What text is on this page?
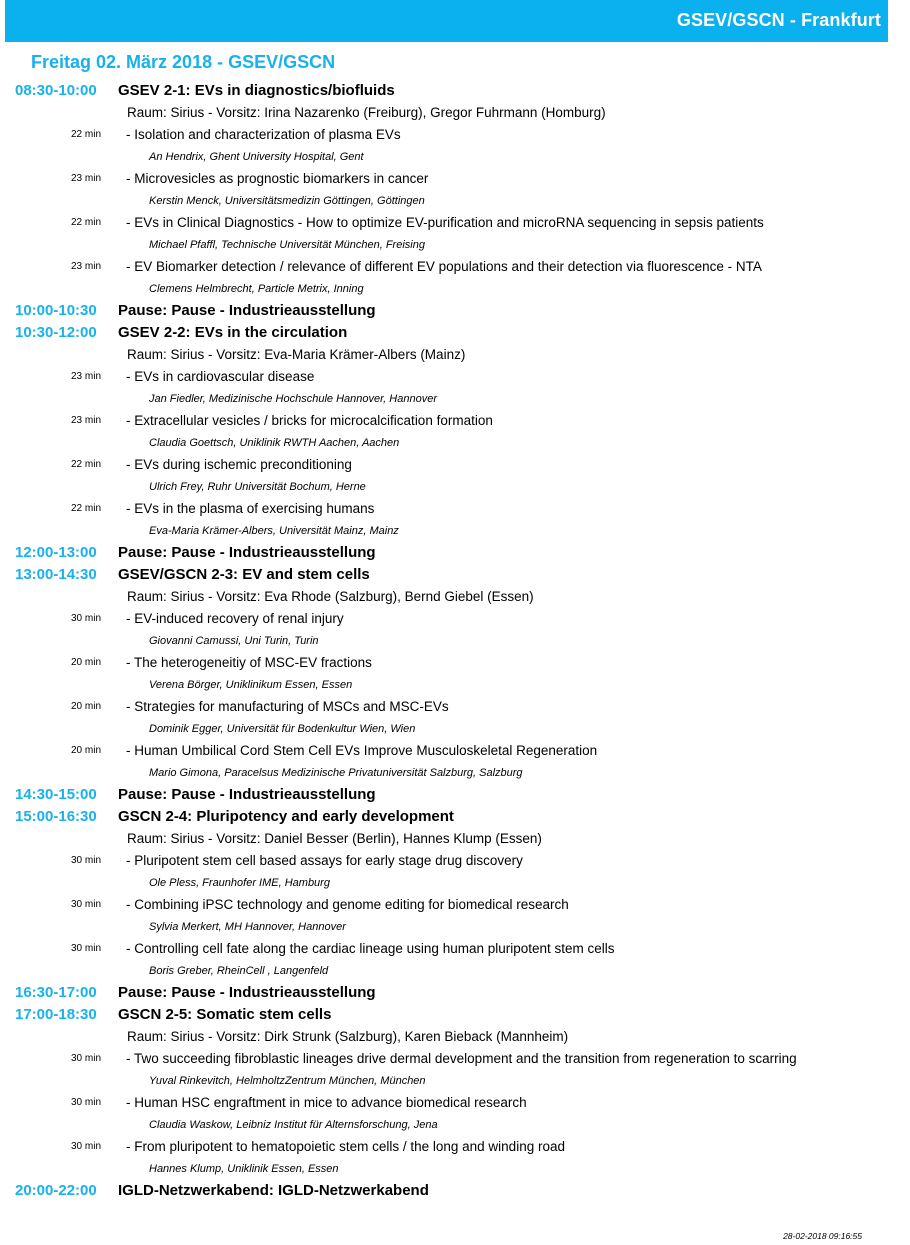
GSEV/GSCN - Frankfurt
Freitag 02. März 2018 - GSEV/GSCN
08:30-10:00	GSEV 2-1: EVs in diagnostics/biofluids
Raum: Sirius - Vorsitz: Irina Nazarenko (Freiburg), Gregor Fuhrmann (Homburg)
22 min - Isolation and characterization of plasma EVs
An Hendrix, Ghent University Hospital, Gent
23 min - Microvesicles as prognostic biomarkers in cancer
Kerstin Menck, Universitätsmedizin Göttingen, Göttingen
22 min - EVs in Clinical Diagnostics - How to optimize EV-purification and microRNA sequencing in sepsis patients
Michael Pfaffl, Technische Universität München, Freising
23 min - EV Biomarker detection / relevance of different EV populations and their detection via fluorescence - NTA
Clemens Helmbrecht, Particle Metrix, Inning
10:00-10:30	Pause: Pause - Industrieausstellung
10:30-12:00	GSEV 2-2: EVs in the circulation
Raum: Sirius - Vorsitz: Eva-Maria Krämer-Albers (Mainz)
23 min - EVs in cardiovascular disease
Jan Fiedler, Medizinische Hochschule Hannover, Hannover
23 min - Extracellular vesicles / bricks for microcalcification formation
Claudia Goettsch, Uniklinik RWTH Aachen, Aachen
22 min - EVs during ischemic preconditioning
Ulrich Frey, Ruhr Universität Bochum, Herne
22 min - EVs in the plasma of exercising humans
Eva-Maria Krämer-Albers, Universität Mainz, Mainz
12:00-13:00	Pause: Pause - Industrieausstellung
13:00-14:30	GSEV/GSCN 2-3: EV and stem cells
Raum: Sirius - Vorsitz: Eva Rhode (Salzburg), Bernd Giebel (Essen)
30 min - EV-induced recovery of renal injury
Giovanni Camussi, Uni Turin, Turin
20 min - The heterogeneitiy of MSC-EV fractions
Verena Börger, Uniklinikum Essen, Essen
20 min - Strategies for manufacturing of MSCs and MSC-EVs
Dominik Egger, Universität für Bodenkultur Wien, Wien
20 min - Human Umbilical Cord Stem Cell EVs Improve Musculoskeletal Regeneration
Mario Gimona, Paracelsus Medizinische Privatuniversität Salzburg, Salzburg
14:30-15:00	Pause: Pause - Industrieausstellung
15:00-16:30	GSCN 2-4: Pluripotency and early development
Raum: Sirius - Vorsitz: Daniel Besser (Berlin), Hannes Klump (Essen)
30 min - Pluripotent stem cell based assays for early stage drug discovery
Ole Pless, Fraunhofer IME, Hamburg
30 min - Combining iPSC technology and genome editing for biomedical research
Sylvia Merkert, MH Hannover, Hannover
30 min - Controlling cell fate along the cardiac lineage using human pluripotent stem cells
Boris Greber, RheinCell , Langenfeld
16:30-17:00	Pause: Pause - Industrieausstellung
17:00-18:30	GSCN 2-5: Somatic stem cells
Raum: Sirius - Vorsitz: Dirk Strunk (Salzburg), Karen Bieback (Mannheim)
30 min - Two succeeding fibroblastic lineages drive dermal development and the transition from regeneration to scarring
Yuval Rinkevitch, HelmholtzZentrum München, München
30 min - Human HSC engraftment in mice to advance biomedical research
Claudia Waskow, Leibniz Institut für Alternsforschung, Jena
30 min - From pluripotent to hematopoietic stem cells / the long and winding road
Hannes Klump, Uniklinik Essen, Essen
20:00-22:00	IGLD-Netzwerkabend: IGLD-Netzwerkabend
28-02-2018 09:16:55
